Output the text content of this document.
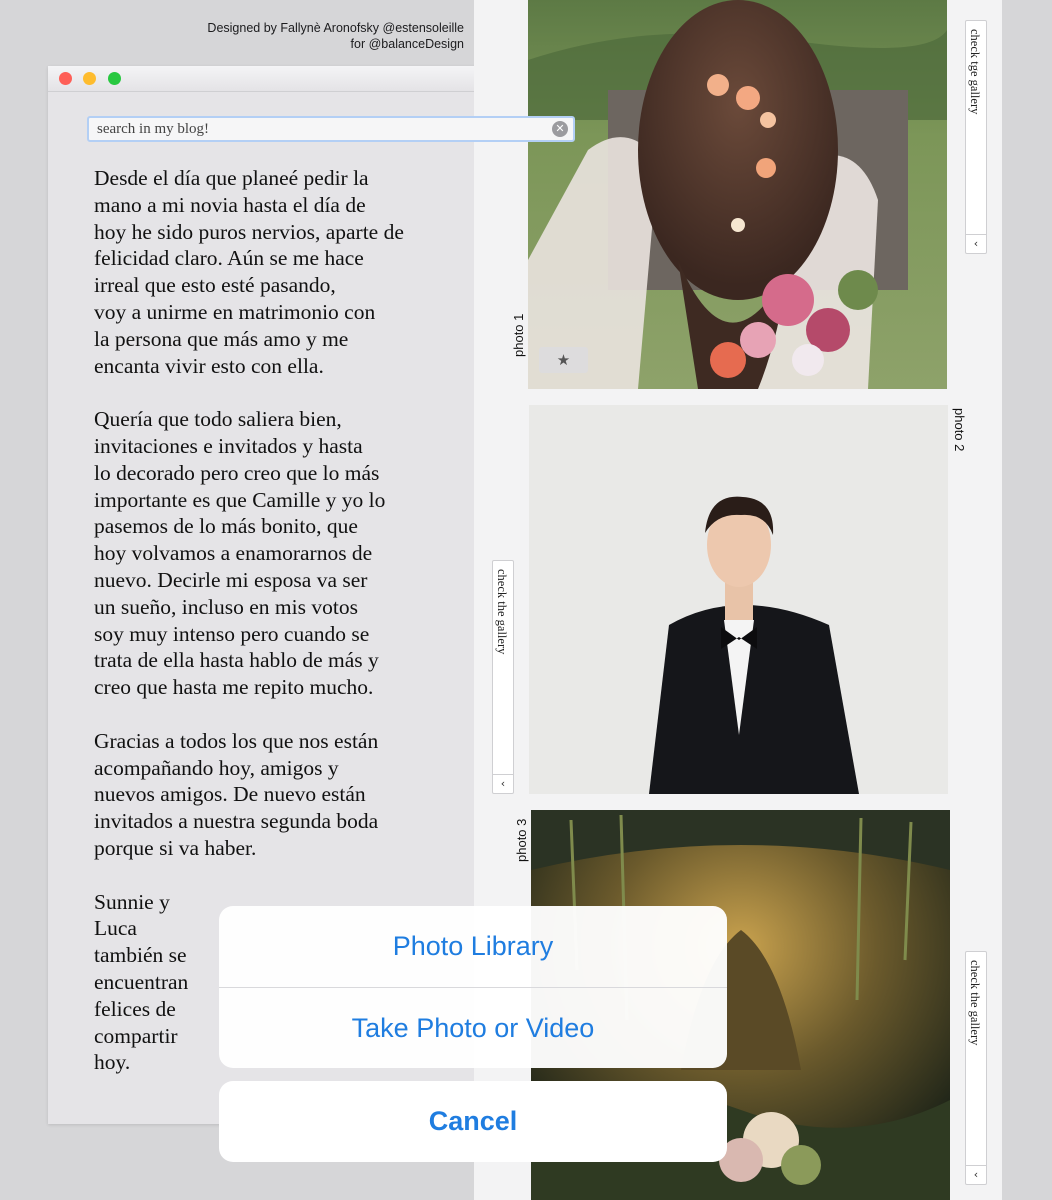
Designed by Fallynè Aronofsky @estensoleille
for @balanceDesign
★
photo 1
photo 2
photo 3
check tge gallery
‹
check the gallery
‹
check the gallery
‹
search in my blog!
✕

Desde el día que planeé pedir la
mano a mi novia hasta el día de
hoy he sido puros nervios, aparte de
felicidad claro. Aún se me hace
irreal que esto esté pasando,
voy a unirme en matrimonio con
la persona que más amo y me
encanta vivir esto con ella.

Quería que todo saliera bien,
invitaciones e invitados y hasta
lo decorado pero creo que lo más
importante es que Camille y yo lo
pasemos de lo más bonito, que
hoy volvamos a enamorarnos de
nuevo. Decirle mi esposa va ser
un sueño, incluso en mis votos
soy muy intenso pero cuando se
trata de ella hasta hablo de más y
creo que hasta me repito mucho.

Gracias a todos los que nos están
acompañando hoy, amigos y
nuevos amigos. De nuevo están
invitados a nuestra segunda boda
porque si va haber.

Sunnie y
Luca
también se
encuentran
felices de
compartir
hoy.

Photo Library
Take Photo or Video
Cancel
